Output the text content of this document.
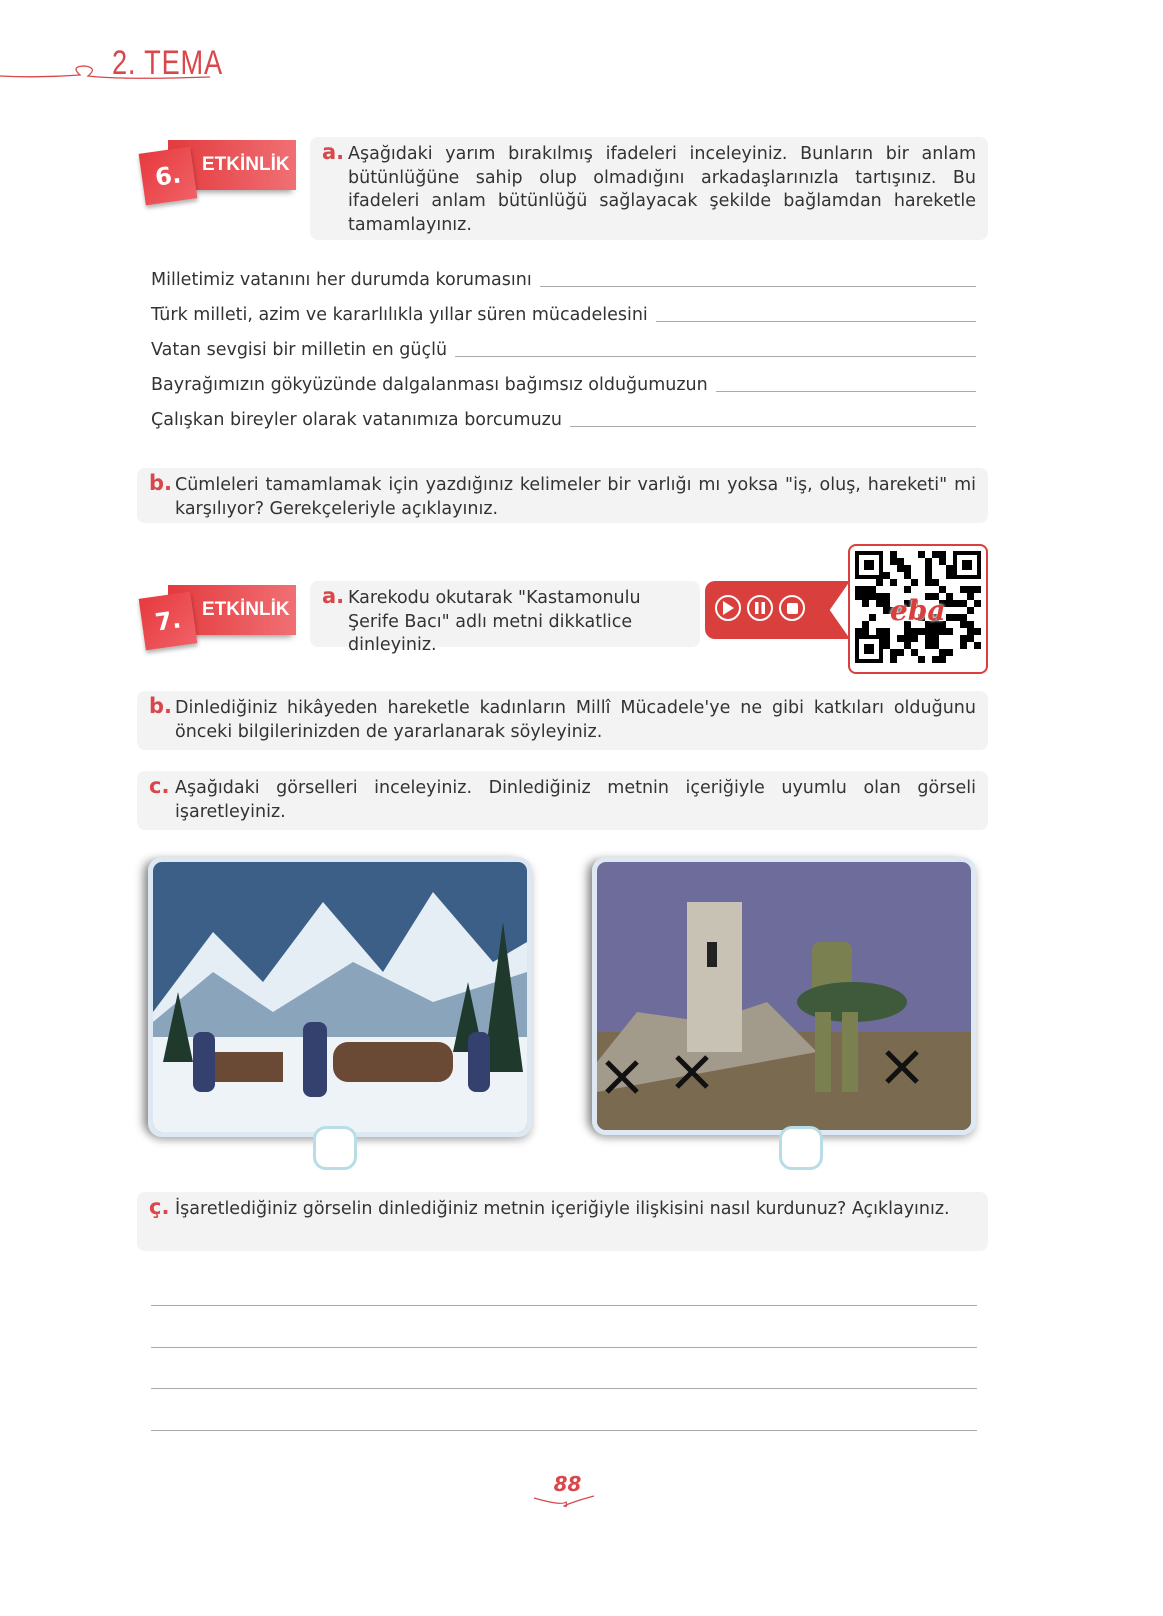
2. TEMA
ETKİNLİK
6.
a. Aşağıdaki yarım bırakılmış ifadeleri inceleyiniz. Bunların bir anlam bütünlüğüne sahip olup olmadığını arkadaşlarınızla tartışınız. Bu ifadeleri anlam bütünlüğü sağlayacak şekilde bağlamdan hareketle tamamlayınız.
Milletimiz vatanını her durumda korumasını
Türk milleti, azim ve kararlılıkla yıllar süren mücadelesini
Vatan sevgisi bir milletin en güçlü
Bayrağımızın gökyüzünde dalgalanması bağımsız olduğumuzun
Çalışkan bireyler olarak vatanımıza borcumuzu
b. Cümleleri tamamlamak için yazdığınız kelimeler bir varlığı mı yoksa "iş, oluş, hareketi" mi karşılıyor? Gerekçeleriyle açıklayınız.
ETKİNLİK
7.
a. Karekodu okutarak "Kastamonulu Şerife Bacı" adlı metni dikkatlice dinleyiniz.
eba
b. Dinlediğiniz hikâyeden hareketle kadınların Millî Mücadele'ye ne gibi katkıları olduğunu önceki bilgilerinizden de yararlanarak söyleyiniz.
c. Aşağıdaki görselleri inceleyiniz. Dinlediğiniz metnin içeriğiyle uyumlu olan görseli işaretleyiniz.
ç. İşaretlediğiniz görselin dinlediğiniz metnin içeriğiyle ilişkisini nasıl kurdunuz? Açıklayınız.
88
